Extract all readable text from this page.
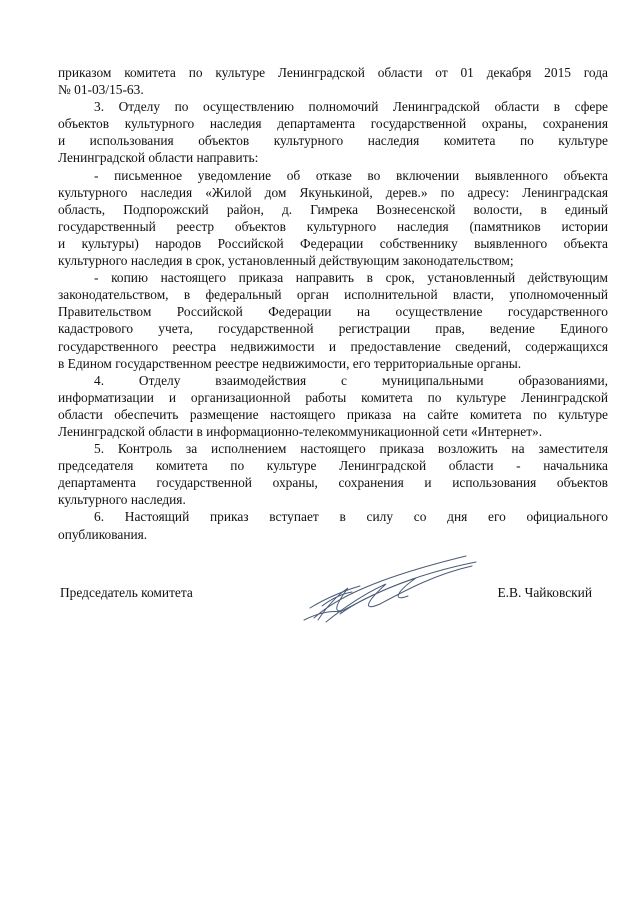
приказом комитета по культуре Ленинградской области от 01 декабря 2015 года

№ 01-03/15-63.

3. Отделу по осуществлению полномочий Ленинградской области в сфере

объектов культурного наследия департамента государственной охраны, сохранения

и использования объектов культурного наследия комитета по культуре

Ленинградской области направить:

- письменное уведомление об отказе во включении выявленного объекта

культурного наследия «Жилой дом Якунькиной, дерев.» по адресу: Ленинградская

область, Подпорожский район, д. Гимрека Вознесенской волости, в единый

государственный реестр объектов культурного наследия (памятников истории

и культуры) народов Российской Федерации собственнику выявленного объекта

культурного наследия в срок, установленный действующим законодательством;

- копию настоящего приказа направить в срок, установленный действующим

законодательством, в федеральный орган исполнительной власти, уполномоченный

Правительством Российской Федерации на осуществление государственного

кадастрового учета, государственной регистрации прав, ведение Единого

государственного реестра недвижимости и предоставление сведений, содержащихся

в Едином государственном реестре недвижимости, его территориальные органы.

4. Отделу взаимодействия с муниципальными образованиями,

информатизации и организационной работы комитета по культуре Ленинградской

области обеспечить размещение настоящего приказа на сайте комитета по культуре

Ленинградской области в информационно-телекоммуникационной сети «Интернет».

5. Контроль за исполнением настоящего приказа возложить на заместителя

председателя комитета по культуре Ленинградской области - начальника

департамента государственной охраны, сохранения и использования объектов

культурного наследия.

6. Настоящий приказ вступает в силу со дня его официального

опубликования.

Председатель комитета	Е.В. Чайковский
